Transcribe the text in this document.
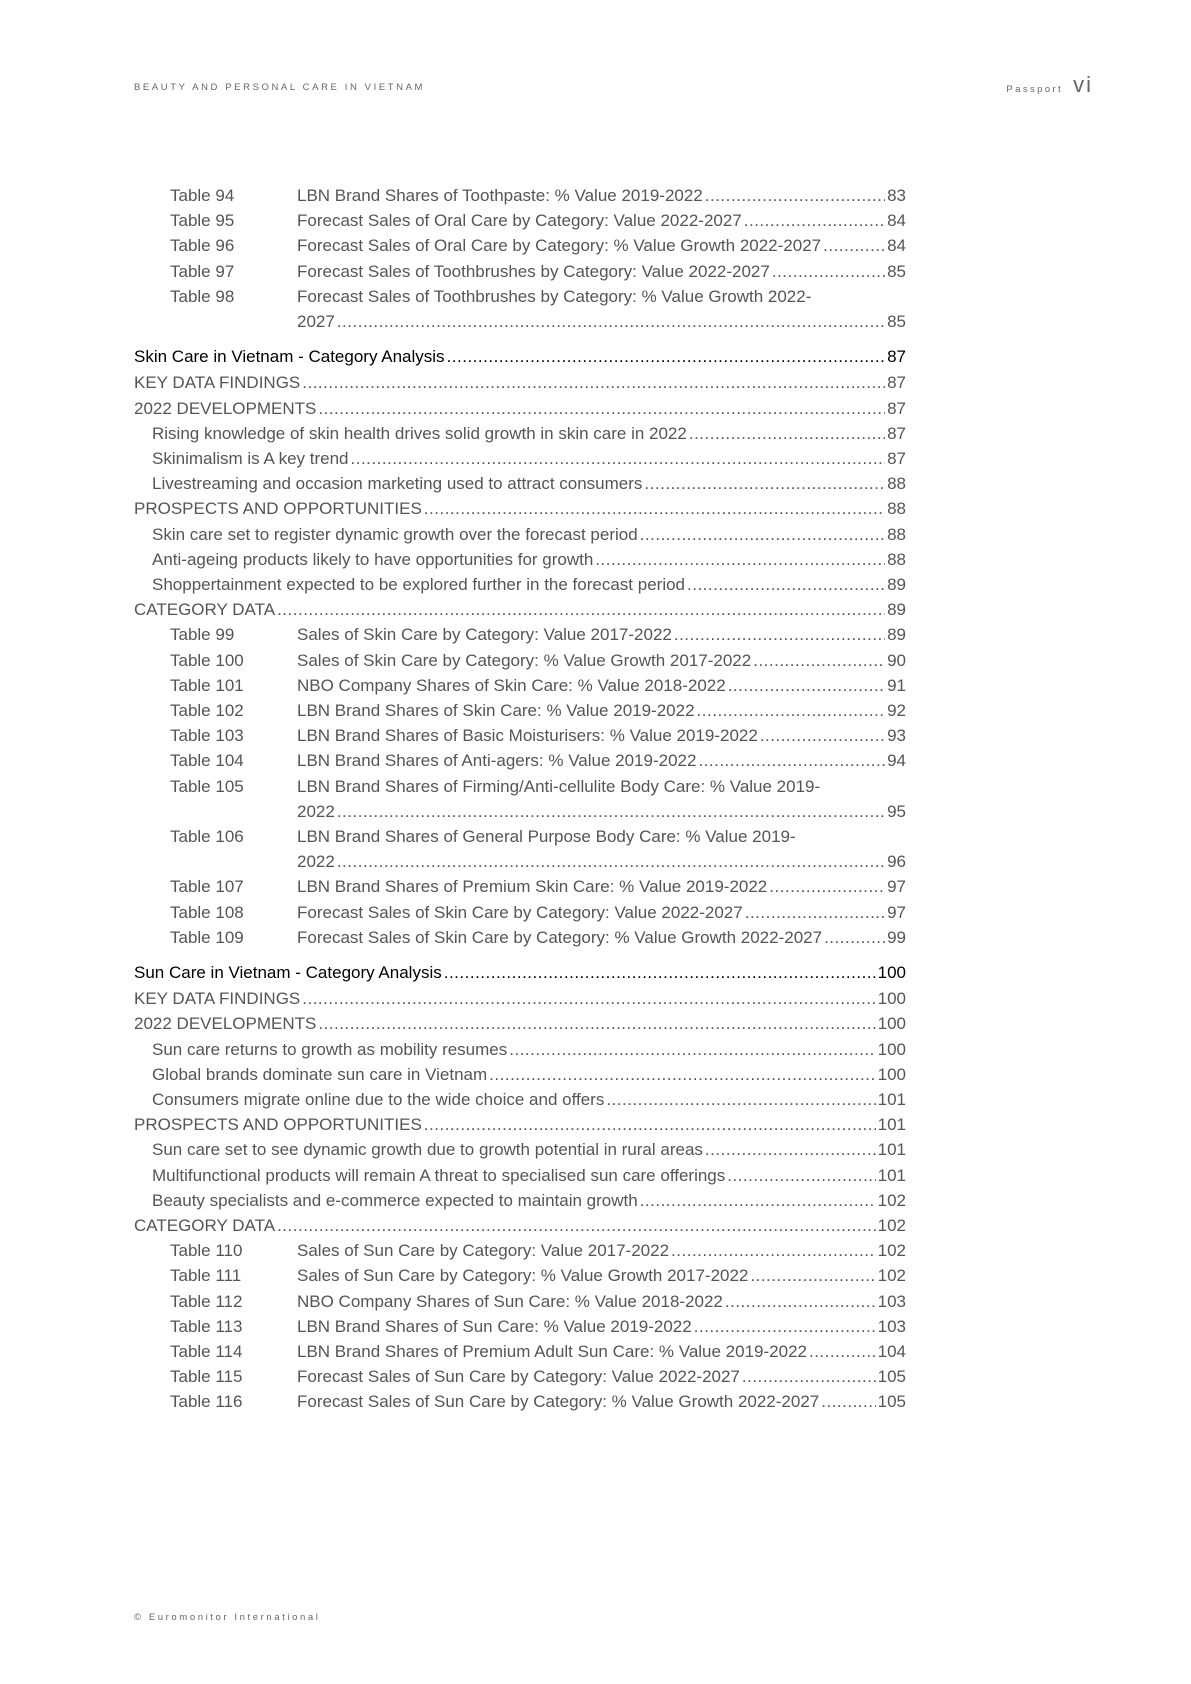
BEAUTY AND PERSONAL CARE IN VIETNAM	Passport vi
Table 94	LBN Brand Shares of Toothpaste: % Value 2019-2022 .....	83
Table 95	Forecast Sales of Oral Care by Category: Value 2022-2027 .....	84
Table 96	Forecast Sales of Oral Care by Category: % Value Growth 2022-2027 .....	84
Table 97	Forecast Sales of Toothbrushes by Category: Value 2022-2027 .....	85
Table 98	Forecast Sales of Toothbrushes by Category: % Value Growth 2022-
2027 .....	85
Skin Care in Vietnam - Category Analysis .....	87
KEY DATA FINDINGS .....	87
2022 DEVELOPMENTS .....	87
Rising knowledge of skin health drives solid growth in skin care in 2022 .....	87
Skinimalism is A key trend .....	87
Livestreaming and occasion marketing used to attract consumers .....	88
PROSPECTS AND OPPORTUNITIES .....	88
Skin care set to register dynamic growth over the forecast period .....	88
Anti-ageing products likely to have opportunities for growth .....	88
Shoppertainment expected to be explored further in the forecast period .....	89
CATEGORY DATA .....	89
Table 99	Sales of Skin Care by Category: Value 2017-2022 .....	89
Table 100	Sales of Skin Care by Category: % Value Growth 2017-2022 .....	90
Table 101	NBO Company Shares of Skin Care: % Value 2018-2022 .....	91
Table 102	LBN Brand Shares of Skin Care: % Value 2019-2022 .....	92
Table 103	LBN Brand Shares of Basic Moisturisers: % Value 2019-2022 .....	93
Table 104	LBN Brand Shares of Anti-agers: % Value 2019-2022 .....	94
Table 105	LBN Brand Shares of Firming/Anti-cellulite Body Care: % Value 2019-
2022 .....	95
Table 106	LBN Brand Shares of General Purpose Body Care: % Value 2019-
2022 .....	96
Table 107	LBN Brand Shares of Premium Skin Care: % Value 2019-2022 .....	97
Table 108	Forecast Sales of Skin Care by Category: Value 2022-2027 .....	97
Table 109	Forecast Sales of Skin Care by Category: % Value Growth 2022-2027 .....	99
Sun Care in Vietnam - Category Analysis .....	100
KEY DATA FINDINGS .....	100
2022 DEVELOPMENTS .....	100
Sun care returns to growth as mobility resumes .....	100
Global brands dominate sun care in Vietnam .....	100
Consumers migrate online due to the wide choice and offers .....	101
PROSPECTS AND OPPORTUNITIES .....	101
Sun care set to see dynamic growth due to growth potential in rural areas .....	101
Multifunctional products will remain A threat to specialised sun care offerings .....	101
Beauty specialists and e-commerce expected to maintain growth .....	102
CATEGORY DATA .....	102
Table 110	Sales of Sun Care by Category: Value 2017-2022 .....	102
Table 111	Sales of Sun Care by Category: % Value Growth 2017-2022 .....	102
Table 112	NBO Company Shares of Sun Care: % Value 2018-2022 .....	103
Table 113	LBN Brand Shares of Sun Care: % Value 2019-2022 .....	103
Table 114	LBN Brand Shares of Premium Adult Sun Care: % Value 2019-2022 .....	104
Table 115	Forecast Sales of Sun Care by Category: Value 2022-2027 .....	105
Table 116	Forecast Sales of Sun Care by Category: % Value Growth 2022-2027 .....	105
© Euromonitor International
